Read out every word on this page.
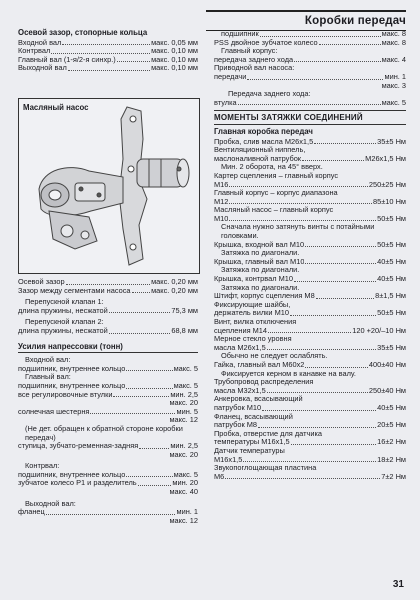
Коробки передач
Осевой зазор, стопорные кольца
Входной вал	макс. 0,05 мм
Контрвал	макс. 0,10 мм
Главный вал (1-я/2-я синхр.)	макс. 0,10 мм
Выходной вал	макс. 0,10 мм
Масляный насос
Осевой зазор	макс. 0,20 мм
Зазор между сегментами насоса	макс. 0,20 мм
Перепускной клапан 1:
длина пружины, несжатой	75,3 мм
Перепускной клапан 2:
длина пружины, несжатой	68,8 мм
Усилия напрессовки (тонн)
Входной вал:
подшипник, внутреннее кольцо	макс. 5
Главный вал:
подшипник, внутреннее кольцо	макс. 5
все регулировочные втулки	мин. 2,5
макс. 20
солнечная шестерня	мин. 5
макс. 12
(Не дет. обращен к обратной стороне коробки передач)
ступица, зубчато-ременная-задняя	мин. 2,5
макс. 20
Контрвал:
подшипник, внутреннее кольцо	макс. 5
зубчатое колесо Р1 и разделитель	мин. 20
макс. 40
Выходной вал:
фланец	мин. 1
макс. 12
подшипник	макс. 8
PSS двойное зубчатое колесо	макс. 8
Главный корпус:
передача заднего хода	макс. 4
Приводной вал насоса:
передачи	мин. 1
макс. 3
Передача заднего хода:
втулка	макс. 5
МОМЕНТЫ ЗАТЯЖКИ СОЕДИНЕНИЙ
Главная коробка передач
Пробка, слив масла M26x1,5	35±5 Нм
Вентиляционный ниппель,
маслоналивной патрубок	M26x1,5 Нм
Мин. 2 оборота, на 45° вверх.
Картер сцепления – главный корпус
M16	250±25 Нм
Главный корпус – корпус диапазона
M12	85±10 Нм
Масляный насос – главный корпус
M10	50±5 Нм
Сначала нужно затянуть винты с потайными головками.
Крышка, входной вал M10	50±5 Нм
Затяжка по диагонали.
Крышка, главный вал M10	40±5 Нм
Затяжка по диагонали.
Крышка, контрвал M10	40±5 Нм
Затяжка по диагонали.
Штифт, корпус сцепления M8	8±1,5 Нм
Фиксирующие шайбы,
держатель вилки M10	50±5 Нм
Винт, вилка отключения
сцепления M14	120 +20/–10 Нм
Мерное стекло уровня
масла M26x1,5	35±5 Нм
Обычно не следует ослаблять.
Гайка, главный вал M60x2	400±40 Нм
Фиксируется керном в канавке на валу.
Трубопровод распределения
масла M32x1,5	250±40 Нм
Анкеровка, всасывающий
патрубок M10	40±5 Нм
Фланец, всасывающий
патрубок M8	20±5 Нм
Пробка, отверстие для датчика
температуры M16x1,5	16±2 Нм
Датчик температуры
M16x1,5	18±2 Нм
Звукопоглощающая пластина
M6	7±2 Нм
31
